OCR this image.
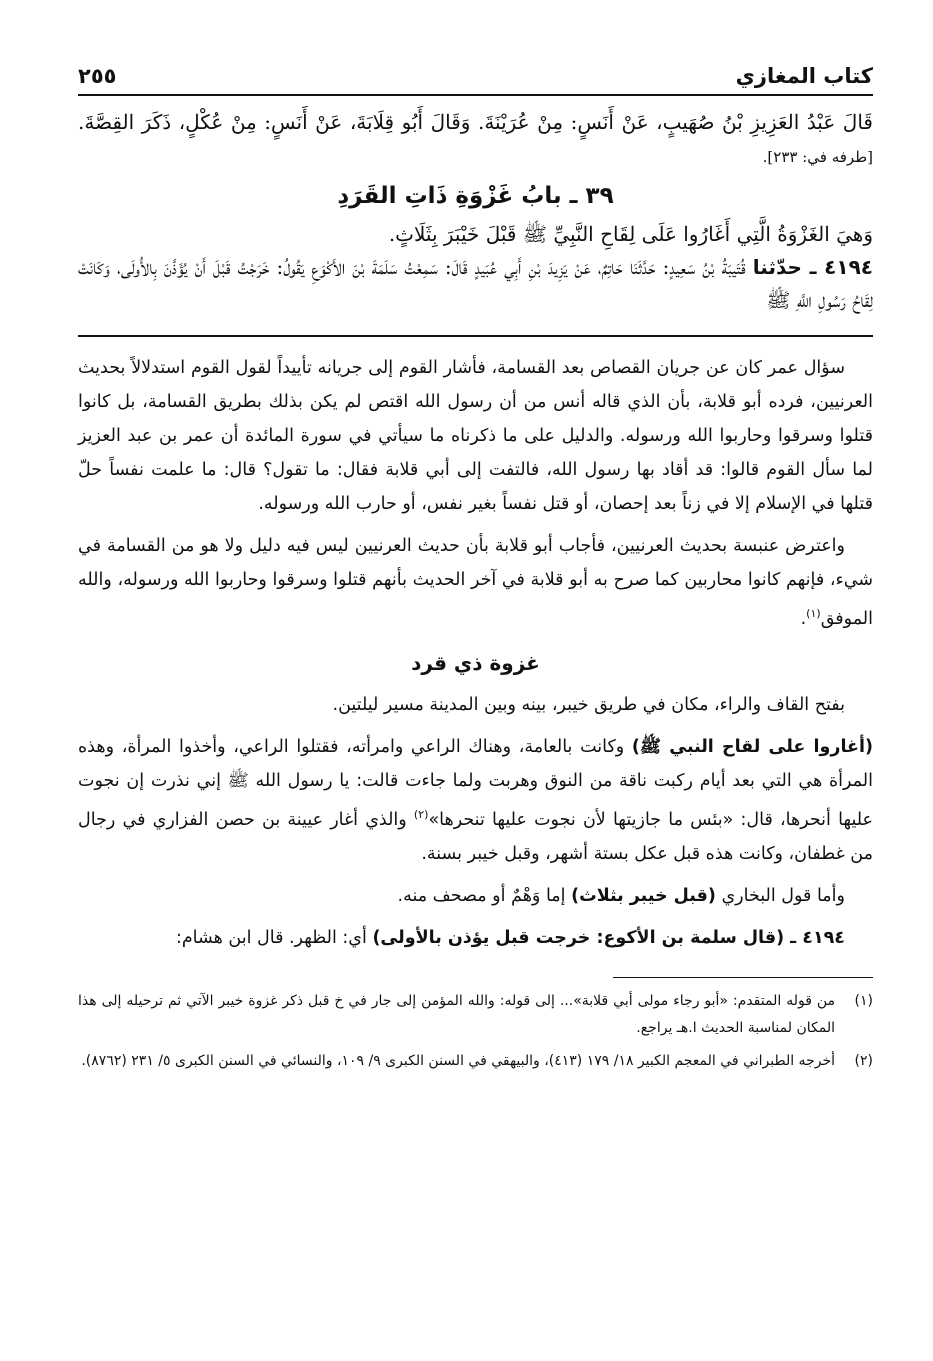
كتاب المغازي
٢٥٥

قَالَ عَبْدُ العَزِيزِ بْنُ صُهَيبٍ، عَنْ أَنَسٍ: مِنْ عُرَيْنَةَ. وَقَالَ أَبُو قِلَابَةَ، عَنْ أَنَسٍ: مِنْ عُكْلٍ، ذَكَرَ القِصَّةَ. [طرفه في: ٢٣٣].

٣٩ ـ بابُ غَزْوَةِ ذَاتِ القَرَدِ

وَهيَ الغَزْوَةُ الَّتِي أَغَارُوا عَلَى لِقَاحِ النَّبِيِّ ﷺ قَبْلَ خَيْبَرَ بِثَلَاثٍ.

٤١٩٤ ـ حدّثنا قُتَيبَةُ بْنُ سَعِيدٍ: حَدَّثَنَا حَاتِمٌ، عَنْ يَزِيدَ بْنِ أَبِي عُبَيدٍ قَالَ: سَمِعْتُ سَلَمَةَ بْنَ الأَكْوَعِ يَقُولُ: خَرَجْتُ قَبْلَ أَنْ يُؤَذَّنَ بِالأُولَى، وَكَانَتْ لِقَاحُ رَسُولِ اللَّهِ ﷺ

سؤال عمر كان عن جريان القصاص بعد القسامة، فأشار القوم إلى جريانه تأييداً لقول القوم استدلالاً بحديث العرنيين، فرده أبو قلابة، بأن الذي قاله أنس من أن رسول الله اقتص لم يكن بذلك بطريق القسامة، بل كانوا قتلوا وسرقوا وحاربوا الله ورسوله. والدليل على ما ذكرناه ما سيأتي في سورة المائدة أن عمر بن عبد العزيز لما سأل القوم قالوا: قد أقاد بها رسول الله، فالتفت إلى أبي قلابة فقال: ما تقول؟ قال: ما علمت نفساً حلّ قتلها في الإسلام إلا في زناً بعد إحصان، أو قتل نفساً بغير نفس، أو حارب الله ورسوله.

واعترض عنبسة بحديث العرنيين، فأجاب أبو قلابة بأن حديث العرنيين ليس فيه دليل ولا هو من القسامة في شيء، فإنهم كانوا محاربين كما صرح به أبو قلابة في آخر الحديث بأنهم قتلوا وسرقوا وحاربوا الله ورسوله، والله الموفق$^{(١)}$.

غزوة ذي قرد

بفتح القاف والراء، مكان في طريق خيبر، بينه وبين المدينة مسير ليلتين.

(أغاروا على لقاح النبي ﷺ) وكانت بالعامة، وهناك الراعي وامرأته، فقتلوا الراعي، وأخذوا المرأة، وهذه المرأة هي التي بعد أيام ركبت ناقة من النوق وهربت ولما جاءت قالت: يا رسول الله ﷺ إني نذرت إن نجوت عليها أنحرها، قال: «بئس ما جازيتها لأن نجوت عليها تنحرها»$^{(٢)}$ والذي أغار عيينة بن حصن الفزاري في رجال من غطفان، وكانت هذه قبل عكل بستة أشهر، وقبل خيبر بسنة.

وأما قول البخاري (قبل خيبر بثلاث) إما وَهْمٌ أو مصحف منه.

٤١٩٤ ـ (قال سلمة بن الأكوع: خرجت قبل يؤذن بالأولى) أي: الظهر. قال ابن هشام:

(١)
من قوله المتقدم: «أبو رجاء مولى أبي قلابة»... إلى قوله: والله المؤمن إلى جار في خ قبل ذكر غزوة خيبر الآتي ثم ترحيله إلى هذا المكان لمناسبة الحديث ا.هـ يراجع.
(٢)
أخرجه الطبراني في المعجم الكبير ١٨/ ١٧٩ (٤١٣)، والبيهقي في السنن الكبرى ٩/ ١٠٩، والنسائي في السنن الكبرى ٥/ ٢٣١ (٨٧٦٢).
